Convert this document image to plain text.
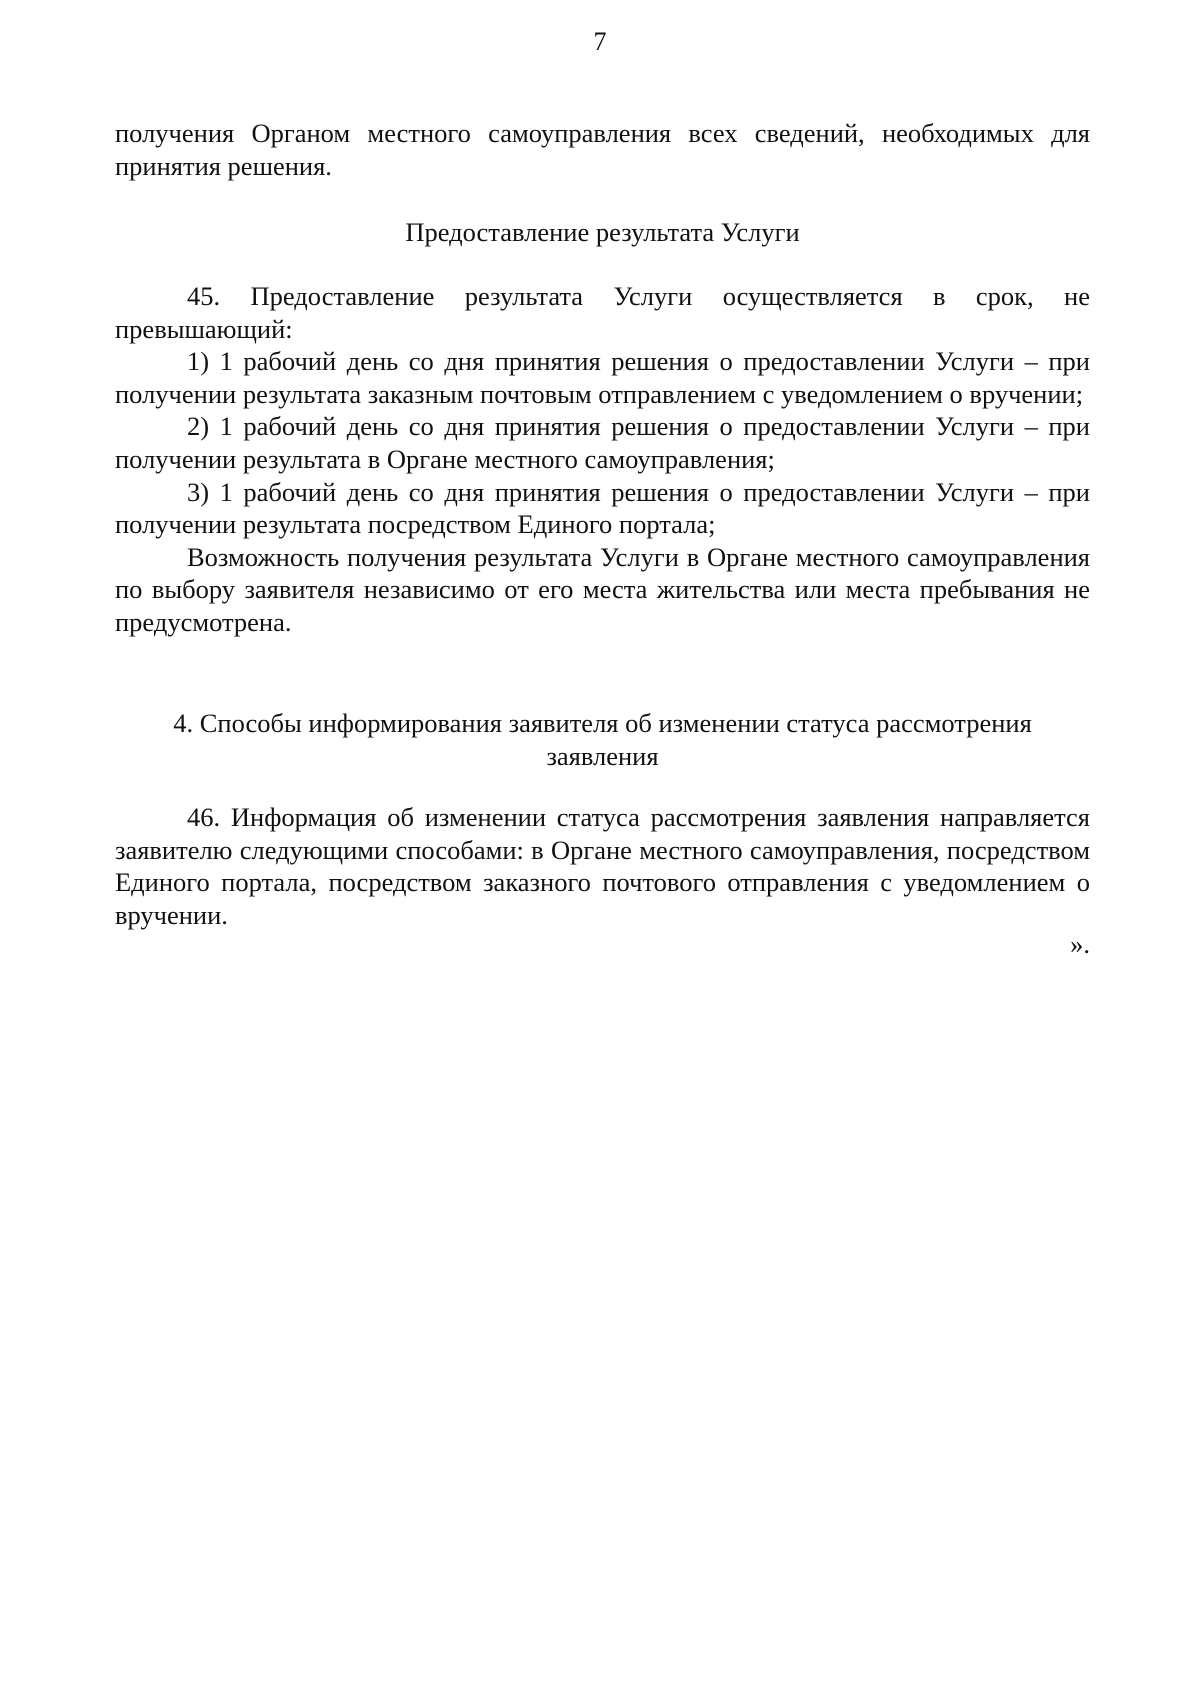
7

получения Органом местного самоуправления всех сведений, необходимых для принятия решения.

Предоставление результата Услуги

45. Предоставление результата Услуги осуществляется в срок, не превышающий:

1) 1 рабочий день со дня принятия решения о предоставлении Услуги – при получении результата заказным почтовым отправлением с уведомлением о вручении;

2) 1 рабочий день со дня принятия решения о предоставлении Услуги – при получении результата в Органе местного самоуправления;

3) 1 рабочий день со дня принятия решения о предоставлении Услуги – при получении результата посредством Единого портала;

Возможность получения результата Услуги в Органе местного самоуправления по выбору заявителя независимо от его места жительства или места пребывания не предусмотрена.

4. Способы информирования заявителя об изменении статуса рассмотрения заявления

46. Информация об изменении статуса рассмотрения заявления направляется заявителю следующими способами: в Органе местного самоуправления, посредством Единого портала, посредством заказного почтового отправления с уведомлением о вручении.

».
